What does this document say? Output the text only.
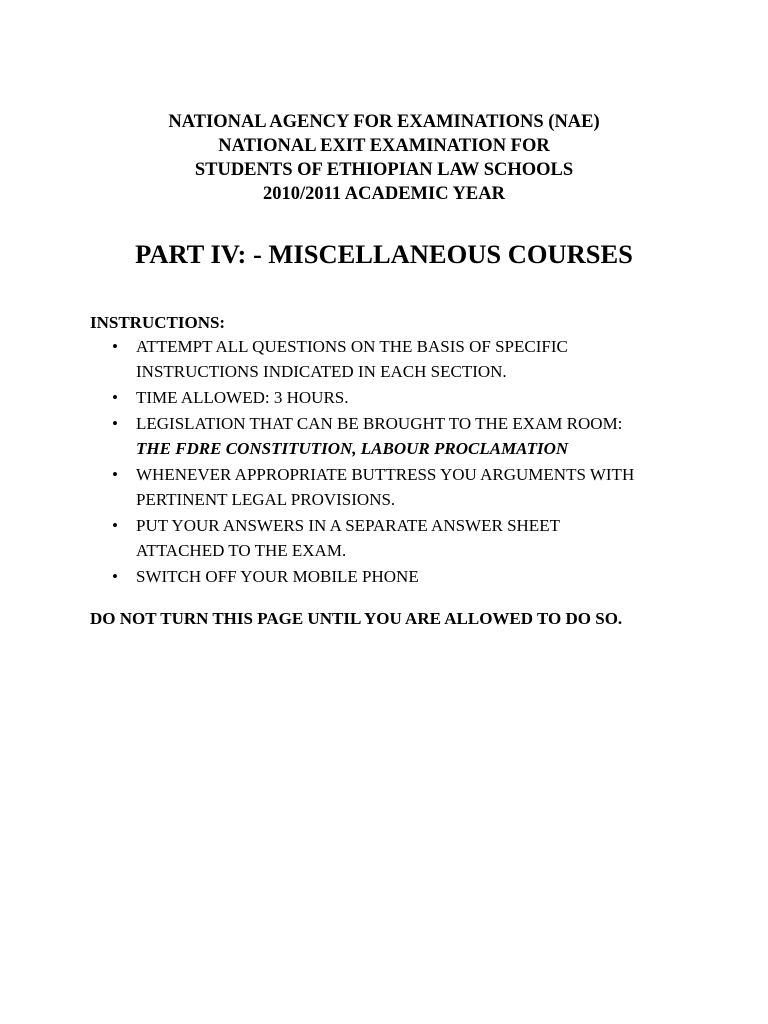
NATIONAL AGENCY FOR EXAMINATIONS (NAE)
NATIONAL EXIT EXAMINATION FOR
STUDENTS OF ETHIOPIAN LAW SCHOOLS
2010/2011 ACADEMIC YEAR
PART IV: - MISCELLANEOUS COURSES
INSTRUCTIONS:
• ATTEMPT ALL QUESTIONS ON THE BASIS OF SPECIFIC
INSTRUCTIONS INDICATED IN EACH SECTION.
• TIME ALLOWED: 3 HOURS.
• LEGISLATION THAT CAN BE BROUGHT TO THE EXAM ROOM:
THE FDRE CONSTITUTION, LABOUR PROCLAMATION
• WHENEVER APPROPRIATE BUTTRESS YOU ARGUMENTS WITH
PERTINENT LEGAL PROVISIONS.
• PUT YOUR ANSWERS IN A SEPARATE ANSWER SHEET
ATTACHED TO THE EXAM.
• SWITCH OFF YOUR MOBILE PHONE
DO NOT TURN THIS PAGE UNTIL YOU ARE ALLOWED TO DO SO.
